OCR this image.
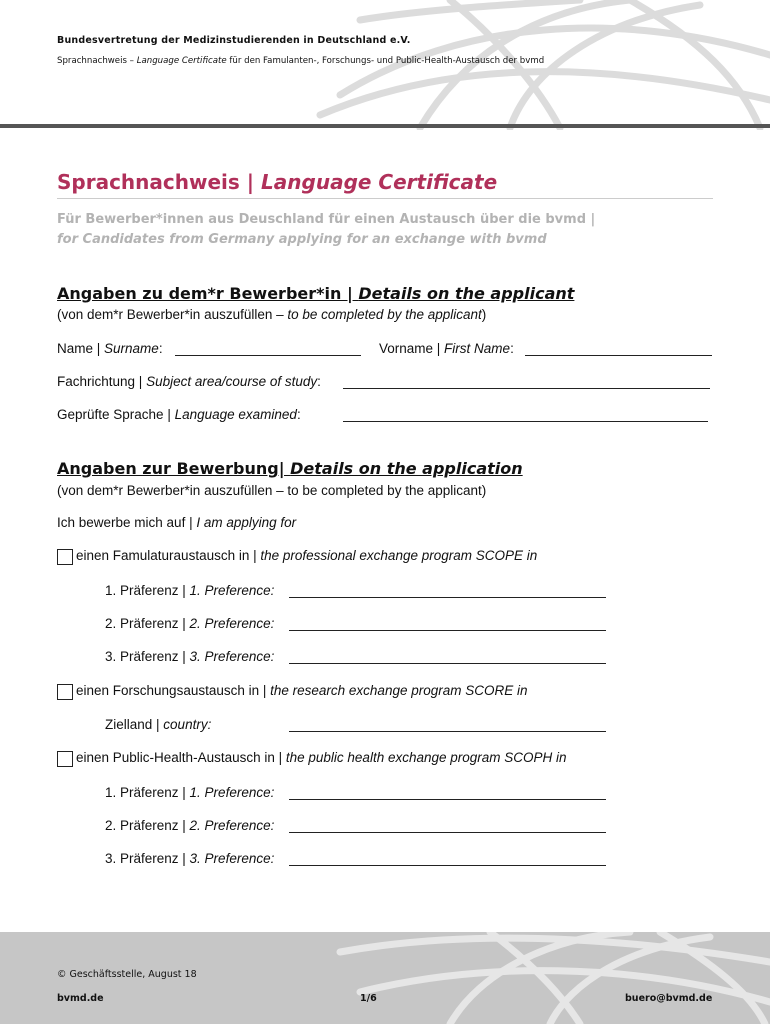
Bundesvertretung der Medizinstudierenden in Deutschland e.V.
Sprachnachweis – Language Certificate für den Famulanten-, Forschungs- und Public-Health-Austausch der bvmd
Sprachnachweis | Language Certificate
Für Bewerber*innen aus Deuschland für einen Austausch über die bvmd |
for Candidates from Germany applying for an exchange with bvmd
Angaben zu dem*r Bewerber*in | Details on the applicant
(von dem*r Bewerber*in auszufüllen – to be completed by the applicant)
Name | Surname:	Vorname | First Name:
Fachrichtung | Subject area/course of study:
Geprüfte Sprache | Language examined:
Angaben zur Bewerbung| Details on the application
(von dem*r Bewerber*in auszufüllen – to be completed by the applicant)
Ich bewerbe mich auf | I am applying for
einen Famulaturaustausch in | the professional exchange program SCOPE in
1. Präferenz | 1. Preference:
2. Präferenz | 2. Preference:
3. Präferenz | 3. Preference:
einen Forschungsaustausch in | the research exchange program SCORE in
Zielland | country:
einen Public-Health-Austausch in | the public health exchange program SCOPH in
1. Präferenz | 1. Preference:
2. Präferenz | 2. Preference:
3. Präferenz | 3. Preference:
© Geschäftsstelle, August 18
bvmd.de	1/6	buero@bvmd.de
